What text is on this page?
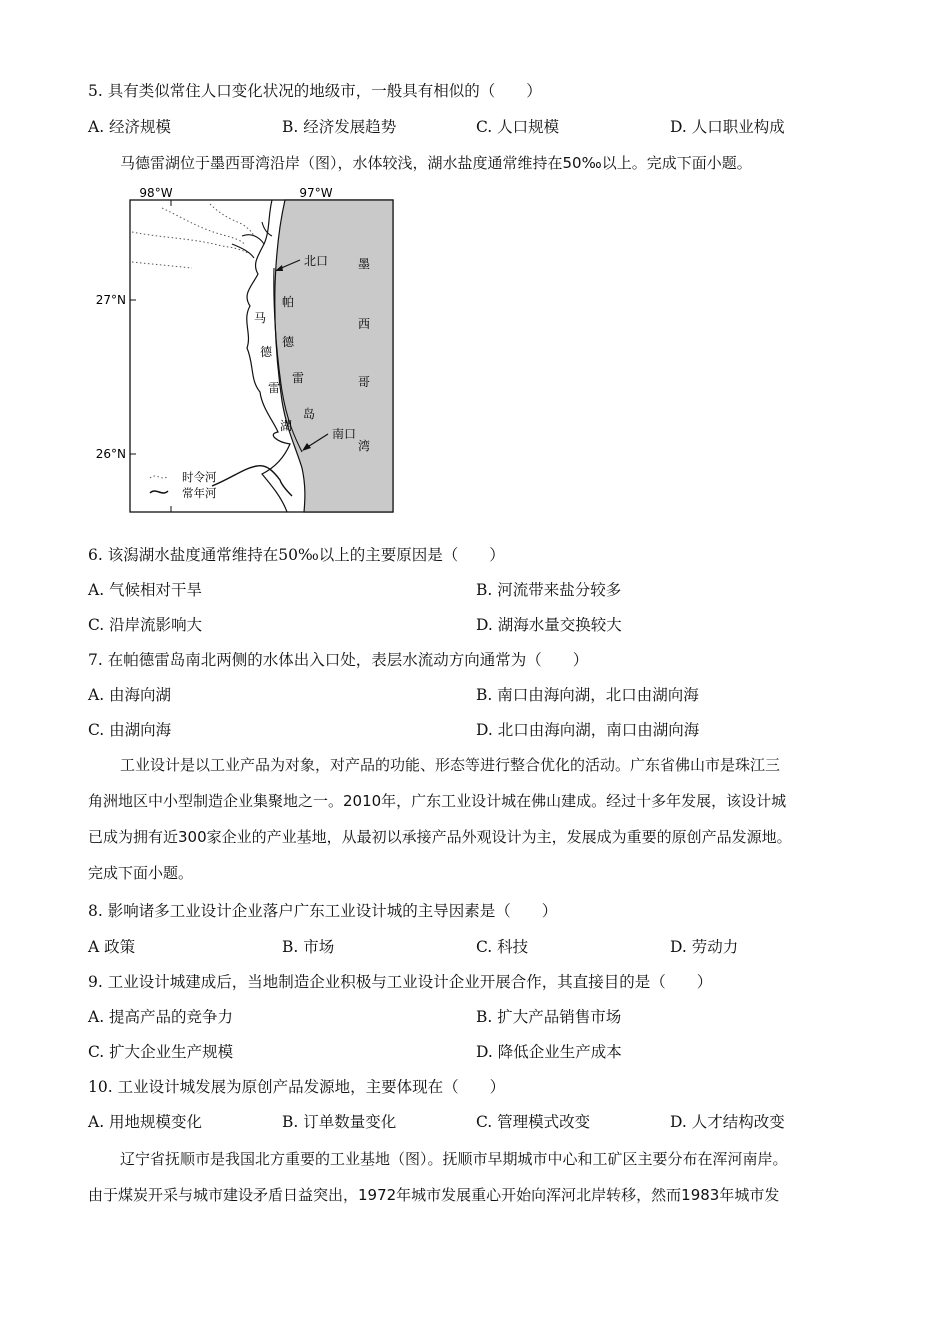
5. 具有类似常住人口变化状况的地级市，一般具有相似的（　　）
A. 经济规模	B. 经济发展趋势	C. 人口规模	D. 人口职业构成
马德雷湖位于墨西哥湾沿岸（图），水体较浅，湖水盐度通常维持在50‰以上。完成下面小题。
98°W	97°W
27°N
26°N
北口
南口
帕
德
雷
岛
马
德
雷
湖
墨
西
哥
湾
时令河
常年河
6. 该潟湖水盐度通常维持在50‰以上的主要原因是（　　）
A. 气候相对干旱	B. 河流带来盐分较多
C. 沿岸流影响大	D. 湖海水量交换较大
7. 在帕德雷岛南北两侧的水体出入口处，表层水流动方向通常为（　　）
A. 由海向湖	B. 南口由海向湖，北口由湖向海
C. 由湖向海	D. 北口由海向湖，南口由湖向海
工业设计是以工业产品为对象，对产品的功能、形态等进行整合优化的活动。广东省佛山市是珠江三
角洲地区中小型制造企业集聚地之一。2010年，广东工业设计城在佛山建成。经过十多年发展，该设计城
已成为拥有近300家企业的产业基地，从最初以承接产品外观设计为主，发展成为重要的原创产品发源地。
完成下面小题。
8. 影响诸多工业设计企业落户广东工业设计城的主导因素是（　　）
A 政策	B. 市场	C. 科技	D. 劳动力
9. 工业设计城建成后，当地制造企业积极与工业设计企业开展合作，其直接目的是（　　）
A. 提高产品的竞争力	B. 扩大产品销售市场
C. 扩大企业生产规模	D. 降低企业生产成本
10. 工业设计城发展为原创产品发源地，主要体现在（　　）
A. 用地规模变化	B. 订单数量变化	C. 管理模式改变	D. 人才结构改变
辽宁省抚顺市是我国北方重要的工业基地（图）。抚顺市早期城市中心和工矿区主要分布在浑河南岸。
由于煤炭开采与城市建设矛盾日益突出，1972年城市发展重心开始向浑河北岸转移，然而1983年城市发
